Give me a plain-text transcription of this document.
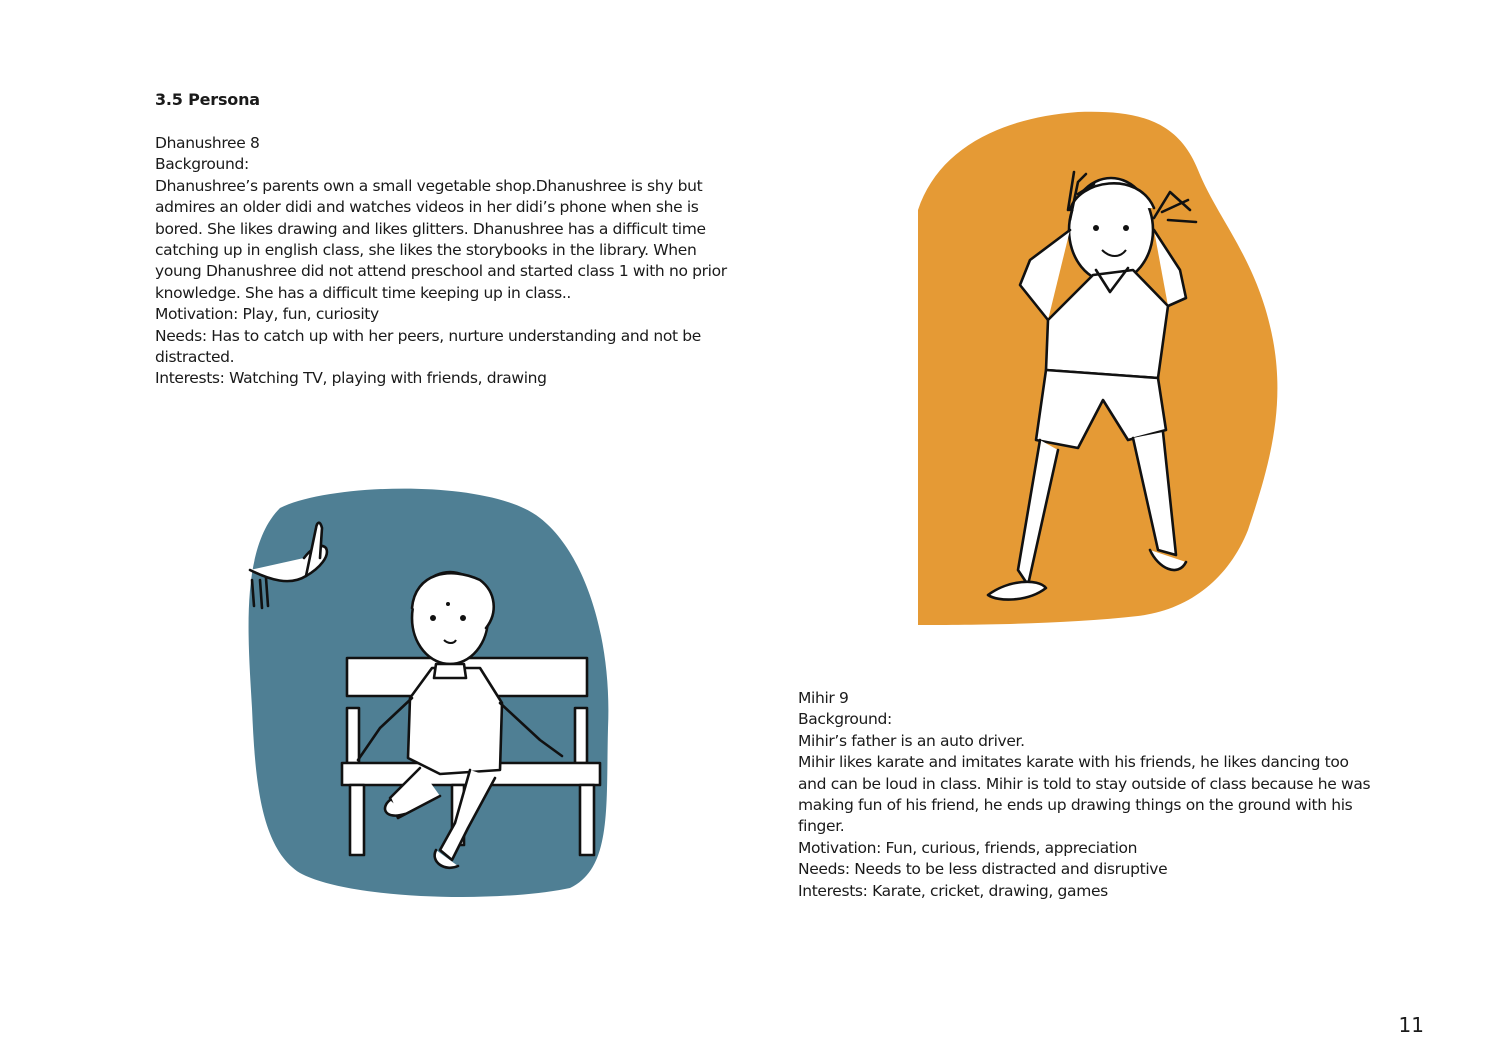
3.5 Persona
Dhanushree 8
Background:
Dhanushree’s parents own a small vegetable shop.Dhanushree is shy but
admires an older didi and watches videos in her didi’s phone when she is
bored. She likes drawing and likes glitters. Dhanushree has a difficult time
catching up in english class, she likes the storybooks in the library. When
young Dhanushree did not attend preschool and started class 1 with no prior
knowledge. She has a difficult time keeping up in class..
Motivation: Play, fun, curiosity
Needs: Has to catch up with her peers, nurture understanding and not be
distracted.
Interests: Watching TV, playing with friends, drawing
Mihir 9
Background:
Mihir’s father is an auto driver.
Mihir likes karate and imitates karate with his friends, he likes dancing too
and can be loud in class. Mihir is told to stay outside of class because he was
making fun of his friend, he ends up drawing things on the ground with his
finger.
Motivation: Fun, curious, friends, appreciation
Needs: Needs to be less distracted and disruptive
Interests: Karate, cricket, drawing, games
11
